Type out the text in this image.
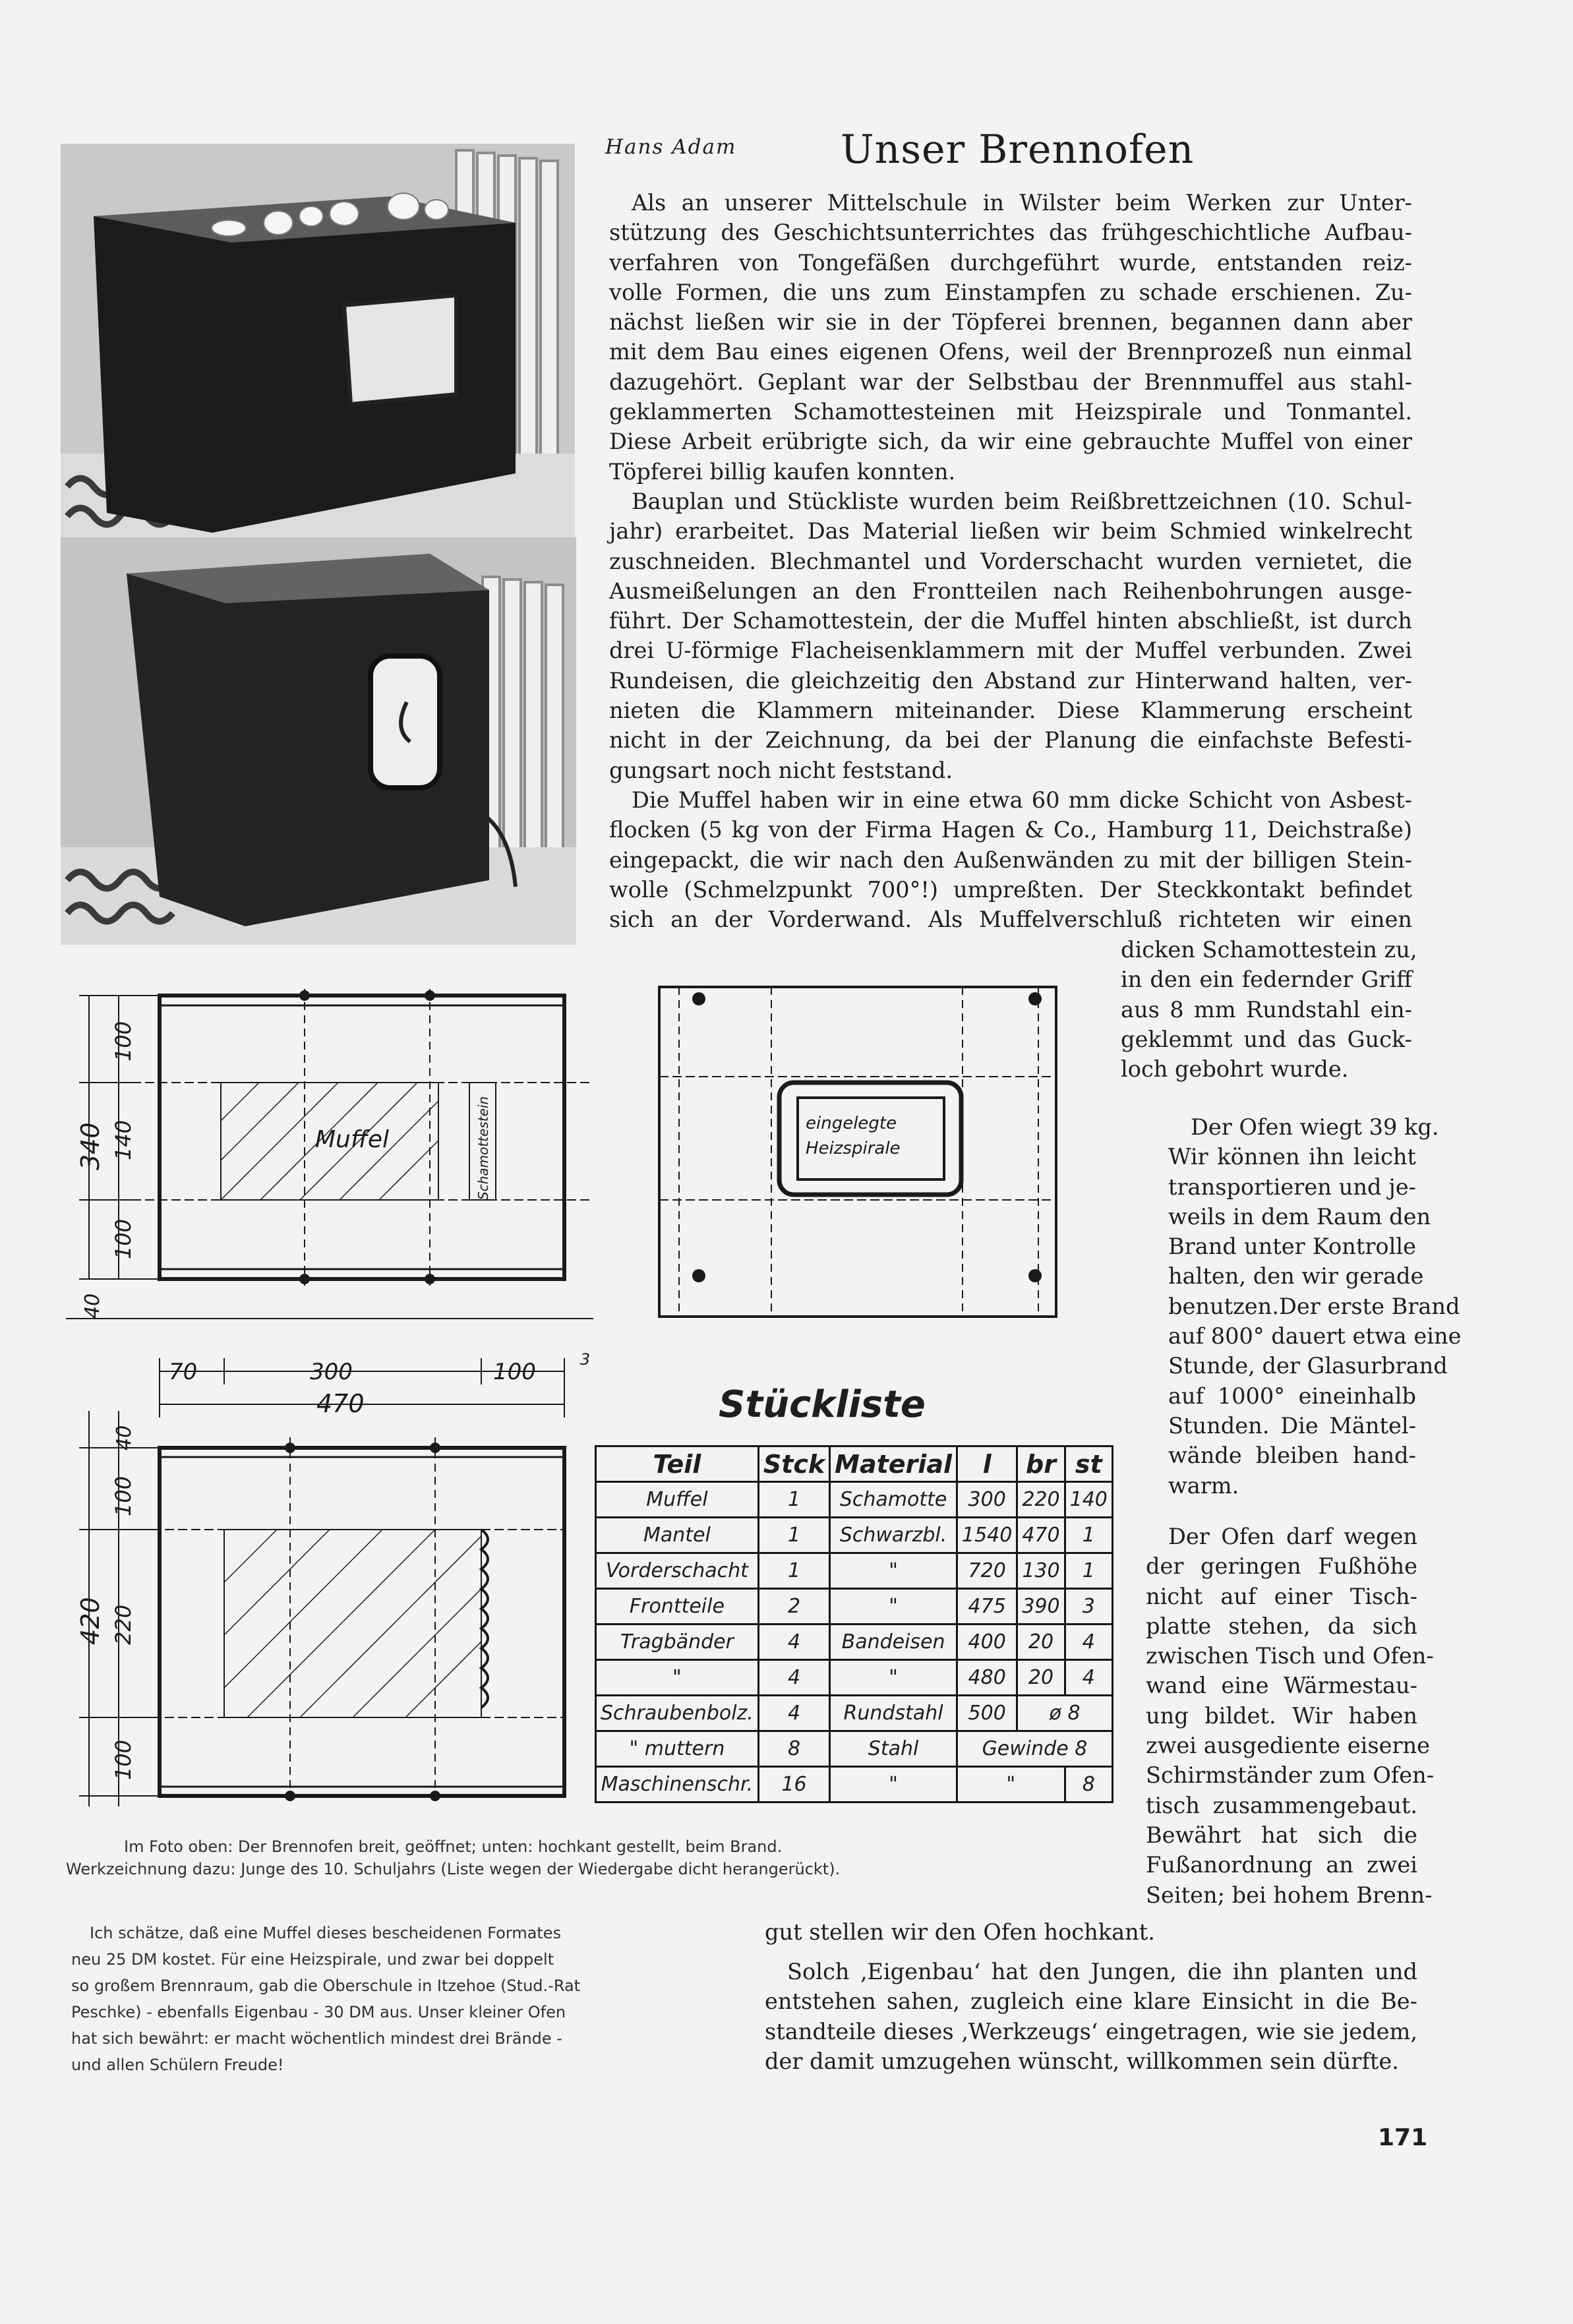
Hans Adam	Unser Brennofen
Als an unserer Mittelschule in Wilster beim Werken zur Unter-
stützung des Geschichtsunterrichtes das frühgeschichtliche Aufbau-
verfahren von Tongefäßen durchgeführt wurde, entstanden reiz-
volle Formen, die uns zum Einstampfen zu schade erschienen. Zu-
nächst ließen wir sie in der Töpferei brennen, begannen dann aber
mit dem Bau eines eigenen Ofens, weil der Brennprozeß nun einmal
dazugehört. Geplant war der Selbstbau der Brennmuffel aus stahl-
geklammerten Schamottesteinen mit Heizspirale und Tonmantel.
Diese Arbeit erübrigte sich, da wir eine gebrauchte Muffel von einer
Töpferei billig kaufen konnten.
Bauplan und Stückliste wurden beim Reißbrettzeichnen (10. Schul-
jahr) erarbeitet. Das Material ließen wir beim Schmied winkelrecht
zuschneiden. Blechmantel und Vorderschacht wurden vernietet, die
Ausmeißelungen an den Frontteilen nach Reihenbohrungen ausge-
führt. Der Schamottestein, der die Muffel hinten abschließt, ist durch
drei U-förmige Flacheisenklammern mit der Muffel verbunden. Zwei
Rundeisen, die gleichzeitig den Abstand zur Hinterwand halten, ver-
nieten die Klammern miteinander. Diese Klammerung erscheint
nicht in der Zeichnung, da bei der Planung die einfachste Befesti-
gungsart noch nicht feststand.
Die Muffel haben wir in eine etwa 60 mm dicke Schicht von Asbest-
flocken (5 kg von der Firma Hagen & Co., Hamburg 11, Deichstraße)
eingepackt, die wir nach den Außenwänden zu mit der billigen Stein-
wolle (Schmelzpunkt 700°!) umpreßten. Der Steckkontakt befindet
sich an der Vorderwand. Als Muffelverschluß richteten wir einen
dicken Schamottestein zu,
in den ein federnder Griff
aus 8 mm Rundstahl ein-
geklemmt und das Guck-
loch gebohrt wurde.
Der Ofen wiegt 39 kg.
Wir können ihn leicht
transportieren und je-
weils in dem Raum den
Brand unter Kontrolle
halten, den wir gerade
benutzen.Der erste Brand
auf 800° dauert etwa eine
Stunde, der Glasurbrand
auf 1000° eineinhalb
Stunden. Die Mäntel-
wände bleiben hand-
warm.
Der Ofen darf wegen
der geringen Fußhöhe
nicht auf einer Tisch-
platte stehen, da sich
zwischen Tisch und Ofen-
wand eine Wärmestau-
ung bildet. Wir haben
zwei ausgediente eiserne
Schirmständer zum Ofen-
tisch zusammengebaut.
Bewährt hat sich die
Fußanordnung an zwei
Seiten; bei hohem Brenn-
gut stellen wir den Ofen hochkant.
Solch ‚Eigenbau‘ hat den Jungen, die ihn planten und
entstehen sahen, zugleich eine klare Einsicht in die Be-
standteile dieses ‚Werkzeugs‘ eingetragen, wie sie jedem,
der damit umzugehen wünscht, willkommen sein dürfte.
Muffel	Schamottestein	eingelegte
Heizspirale
340
100
140
100
40
70	300	100	3
470
40
100
420 220
100
Stückliste
Teil	Stck	Material	l	br	st
Muffel	1	Schamotte	300	220	140
Mantel	1	Schwarzbl.	1540	470	1
Vorderschacht	1	"	720	130	1
Frontteile	2	"	475	390	3
Tragbänder	4	Bandeisen	400	20	4
"	4	"	480	20	4
Schraubenbolz.	4	Rundstahl	500	ø 8	
" muttern	8	Stahl	Gewinde 8		
Maschinenschr.	16	"	"		8
Im Foto oben: Der Brennofen breit, geöffnet; unten: hochkant gestellt, beim Brand.
Werkzeichnung dazu: Junge des 10. Schuljahrs (Liste wegen der Wiedergabe dicht herangerückt).
Ich schätze, daß eine Muffel dieses bescheidenen Formates
neu 25 DM kostet. Für eine Heizspirale, und zwar bei doppelt
so großem Brennraum, gab die Oberschule in Itzehoe (Stud.-Rat
Peschke) - ebenfalls Eigenbau - 30 DM aus. Unser kleiner Ofen
hat sich bewährt: er macht wöchentlich mindest drei Brände -
und allen Schülern Freude!
171
